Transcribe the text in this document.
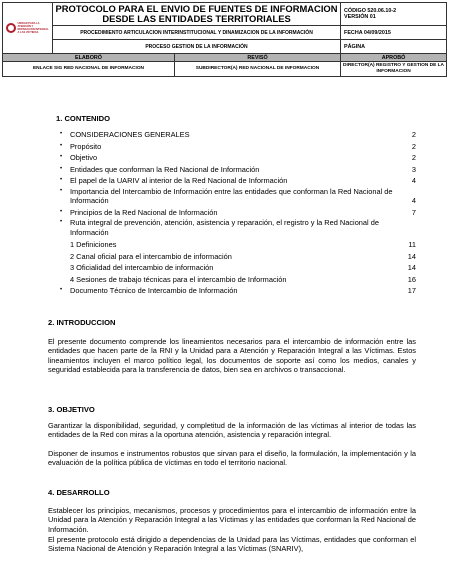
UNIDAD PARA LA ATENCIÓN Y REPARACIÓN INTEGRAL A LAS VÍCTIMAS	PROTOCOLO PARA EL ENVIO DE FUENTES DE INFORMACION DESDE LAS ENTIDADES TERRITORIALES		CÓDIGO 520.06.10-2
VERSIÓN 01
	PROCEDIMIENTO ARTICULACION INTERINSTITUCIONAL Y DINAMIZACION DE LA INFORMACIÓN		FECHA 04/09/2015
	PROCESO GESTION DE LA INFORMACIÓN		PÁGINA
ELABORÓ		REVISÓ	APROBÓ
ENLACE SIG RED NACIONAL DE INFORMACION		SUBDIRECTOR(A) RED NACIONAL DE INFORMACION	DIRECTOR(A) REGISTRO Y GESTION DE LA INFORMACION
1. CONTENIDO
• CONSIDERACIONES GENERALES	2
• Propósito	2
• Objetivo	2
• Entidades que conforman la Red Nacional de Información	3
• El papel de la UARIV al interior de la Red Nacional de Información	4
• Importancia del Intercambio de Información entre las entidades que conforman la Red Nacional de Información	4
• Principios de la Red Nacional de Información	7
• Ruta integral de prevención, atención, asistencia y reparación, el registro y la Red Nacional de Información
1 Definiciones	11
2 Canal oficial para el intercambio de información	14
3 Oficialidad del intercambio de información	14
4 Sesiones de trabajo técnicas para el intercambio de Información	16
• Documento Técnico de Intercambio de Información	17
2. INTRODUCCION
El presente documento comprende los lineamientos necesarios para el intercambio de información entre las entidades que hacen parte de la RNI y la Unidad para a Atención y Reparación Integral a las Víctimas. Estos lineamientos incluyen el marco político legal, los documentos de soporte así como los medios, canales y seguridad establecida para la transferencia de datos, bien sea en archivos o transaccional.
3. OBJETIVO
Garantizar la disponibilidad, seguridad, y completitud de la información de las víctimas al interior de todas las entidades de la Red con miras a la oportuna atención, asistencia y reparación integral.
Disponer de insumos e instrumentos robustos que sirvan para el diseño, la formulación, la implementación y la evaluación de la política pública de víctimas en todo el territorio nacional.
4. DESARROLLO
Establecer los principios, mecanismos, procesos y procedimientos para el intercambio de información entre la Unidad para la Atención y Reparación Integral a las Víctimas y las entidades que conforman la Red Nacional de Información.
El presente protocolo está dirigido a dependencias de la Unidad para las Víctimas, entidades que conforman el Sistema Nacional de Atención y Reparación Integral a las Víctimas (SNARIV),
